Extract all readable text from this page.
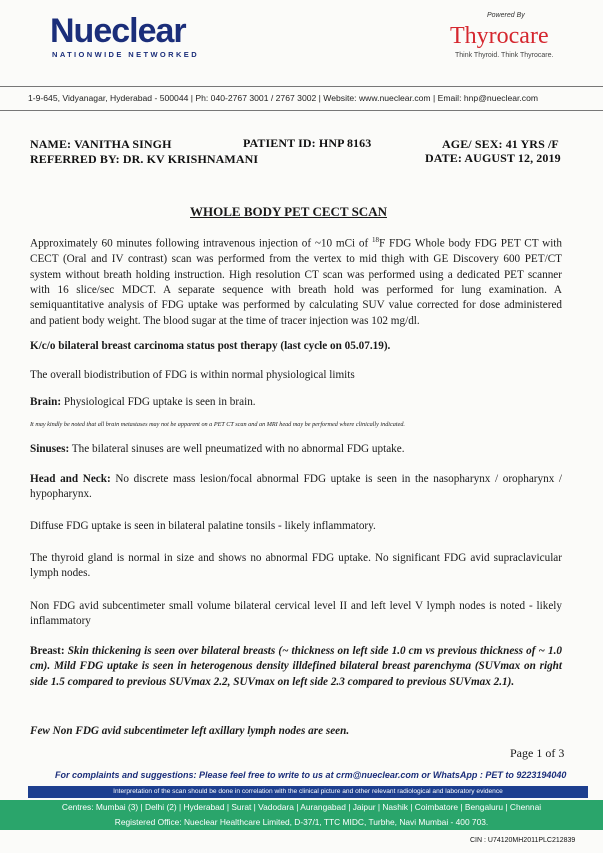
Nueclear
NATIONWIDE NETWORKED
Powered By
Thyrocare
Think Thyroid. Think Thyrocare.
1-9-645, Vidyanagar, Hyderabad - 500044 | Ph: 040-2767 3001 / 2767 3002 | Website: www.nueclear.com | Email: hnp@nueclear.com
NAME: VANITHA SINGH	PATIENT ID: HNP 8163	AGE/ SEX: 41 YRS /F
REFERRED BY: DR. KV KRISHNAMANI	DATE: AUGUST 12, 2019
WHOLE BODY PET CECT SCAN
Approximately 60 minutes following intravenous injection of ~10 mCi of $^{18}$F FDG Whole body FDG PET CT with CECT (Oral and IV contrast) scan was performed from the vertex to mid thigh with GE Discovery 600 PET/CT system without breath holding instruction. High resolution CT scan was performed using a dedicated PET scanner with 16 slice/sec MDCT. A separate sequence with breath hold was performed for lung examination. A semiquantitative analysis of FDG uptake was performed by calculating SUV value corrected for dose administered and patient body weight. The blood sugar at the time of tracer injection was 102 mg/dl.
K/c/o bilateral breast carcinoma status post therapy (last cycle on 05.07.19).
The overall biodistribution of FDG is within normal physiological limits
Brain: Physiological FDG uptake is seen in brain.
It may kindly be noted that all brain metastases may not be apparent on a PET CT scan and an MRI head may be performed where clinically indicated.
Sinuses: The bilateral sinuses are well pneumatized with no abnormal FDG uptake.
Head and Neck: No discrete mass lesion/focal abnormal FDG uptake is seen in the nasopharynx / oropharynx / hypopharynx.
Diffuse FDG uptake is seen in bilateral palatine tonsils - likely inflammatory.
The thyroid gland is normal in size and shows no abnormal FDG uptake. No significant FDG avid supraclavicular lymph nodes.
Non FDG avid subcentimeter small volume bilateral cervical level II and left level V lymph nodes is noted - likely inflammatory
Breast: Skin thickening is seen over bilateral breasts (~ thickness on left side 1.0 cm vs previous thickness of ~ 1.0 cm). Mild FDG uptake is seen in heterogenous density illdefined bilateral breast parenchyma (SUVmax on right side 1.5 compared to previous SUVmax 2.2, SUVmax on left side 2.3 compared to previous SUVmax 2.1).
Few Non FDG avid subcentimeter left axillary lymph nodes are seen.
Page 1 of 3
For complaints and suggestions: Please feel free to write to us at crm@nueclear.com or WhatsApp : PET to 9223194040
Interpretation of the scan should be done in correlation with the clinical picture and other relevant radiological and laboratory evidence
Centres: Mumbai (3) | Delhi (2) | Hyderabad | Surat | Vadodara | Aurangabad | Jaipur | Nashik | Coimbatore | Bengaluru | Chennai
Registered Office: Nueclear Healthcare Limited, D-37/1, TTC MIDC, Turbhe, Navi Mumbai - 400 703.
CIN : U74120MH2011PLC212839
